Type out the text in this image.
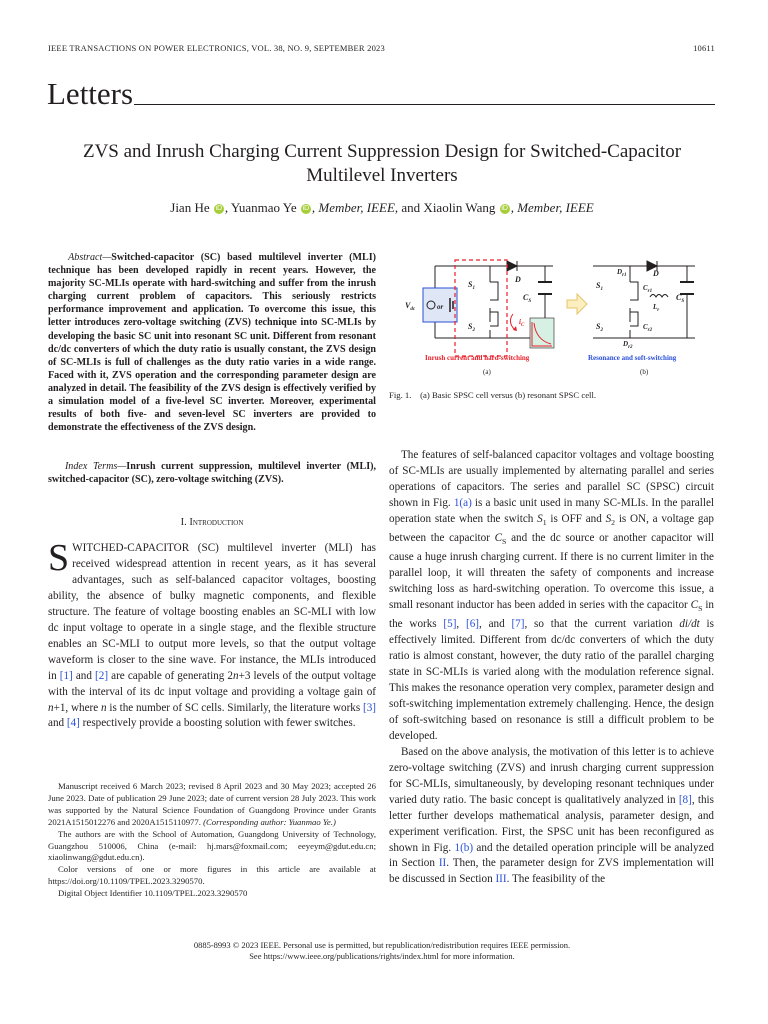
IEEE TRANSACTIONS ON POWER ELECTRONICS, VOL. 38, NO. 9, SEPTEMBER 2023	10611
Letters
ZVS and Inrush Charging Current Suppression Design for Switched-Capacitor Multilevel Inverters
Jian He iD , Yuanmao Ye iD , Member, IEEE, and Xiaolin Wang iD , Member, IEEE
Abstract—Switched-capacitor (SC) based multilevel inverter (MLI) technique has been developed rapidly in recent years. However, the majority SC-MLIs operate with hard-switching and suffer from the inrush charging current problem of capacitors. This seriously restricts performance improvement and application. To overcome this issue, this letter introduces zero-voltage switching (ZVS) technique into SC-MLIs by developing the basic SC unit into resonant SC unit. Different from resonant dc/dc converters of which the duty ratio is usually constant, the ZVS design of SC-MLIs is full of challenges as the duty ratio varies in a wide range. Faced with it, ZVS operation and the corresponding parameter design are analyzed in detail. The feasibility of the ZVS design is effectively verified by a simulation model of a five-level SC inverter. Moreover, experimental results of both five- and seven-level SC inverters are provided to demonstrate the effectiveness of the ZVS design.
Index Terms—Inrush current suppression, multilevel inverter (MLI), switched-capacitor (SC), zero-voltage switching (ZVS).
I. Introduction
SWITCHED-CAPACITOR (SC) multilevel inverter (MLI) has received widespread attention in recent years, as it has several advantages, such as self-balanced capacitor voltages, boosting ability, the absence of bulky magnetic components, and flexible structure. The feature of voltage boosting enables an SC-MLI with low dc input voltage to operate in a single stage, and the flexible structure enables an SC-MLI to output more levels, so that the output voltage waveform is closer to the sine wave. For instance, the MLIs introduced in [1] and [2] are capable of generating 2n+3 levels of the output voltage with the interval of its dc input voltage and providing a voltage gain of n+1, where n is the number of SC cells. Similarly, the literature works [3] and [4] respectively provide a boosting solution with fewer switches.

Manuscript received 6 March 2023; revised 8 April 2023 and 30 May 2023; accepted 26 June 2023. Date of publication 29 June 2023; date of current version 28 July 2023. This work was supported by the Natural Science Foundation of Guangdong Province under Grants 2021A1515012276 and 2020A1515110977. (Corresponding author: Yuanmao Ye.)

The authors are with the School of Automation, Guangdong University of Technology, Guangzhou 510006, China (e-mail: hj.mars@foxmail.com; eeyeym@gdut.edu.cn; xiaolinwang@gdut.edu.cn).

Color versions of one or more figures in this article are available at https://doi.org/10.1109/TPEL.2023.3290570.

Digital Object Identifier 10.1109/TPEL.2023.3290570

$V_{dc}$	or
$S_1$
$S_2$
D
$C_S$
$i_C$
Inrush current and hard-switching
(a)
$D_{r1}$	D
$S_1$	$C_{r1}$
$C_S$
$L_r$
$S_2$	$C_{r2}$
$D_{r2}$
Resonance and soft-switching
(b)
Fig. 1. (a) Basic SPSC cell versus (b) resonant SPSC cell.

The features of self-balanced capacitor voltages and voltage boosting of SC-MLIs are usually implemented by alternating parallel and series operations of capacitors. The series and parallel SC (SPSC) circuit shown in Fig. 1(a) is a basic unit used in many SC-MLIs. In the parallel operation state when the switch $S_1$ is OFF and $S_2$ is ON, a voltage gap between the capacitor $C_S$ and the dc source or another capacitor will cause a huge inrush charging current. If there is no current limiter in the parallel loop, it will threaten the safety of components and increase switching loss as hard-switching operation. To overcome this issue, a small resonant inductor has been added in series with the capacitor $C_S$ in the works [5], [6], and [7], so that the current variation di/dt is effectively limited. Different from dc/dc converters of which the duty ratio is almost constant, however, the duty ratio of the parallel charging state in SC-MLIs is varied along with the modulation reference signal. This makes the resonance operation very complex, parameter design and soft-switching implementation extremely challenging. Hence, the design of soft-switching based on resonance is still a difficult problem to be developed.

Based on the above analysis, the motivation of this letter is to achieve zero-voltage switching (ZVS) and inrush charging current suppression for SC-MLIs, simultaneously, by developing resonant techniques under varied duty ratio. The basic concept is qualitatively analyzed in [8], this letter further develops mathematical analysis, parameter design, and experiment verification. First, the SPSC unit has been reconfigured as shown in Fig. 1(b) and the detailed operation principle will be analyzed in Section II. Then, the parameter design for ZVS implementation will be discussed in Section III. The feasibility of the

0885-8993 © 2023 IEEE. Personal use is permitted, but republication/redistribution requires IEEE permission.
See https://www.ieee.org/publications/rights/index.html for more information.
